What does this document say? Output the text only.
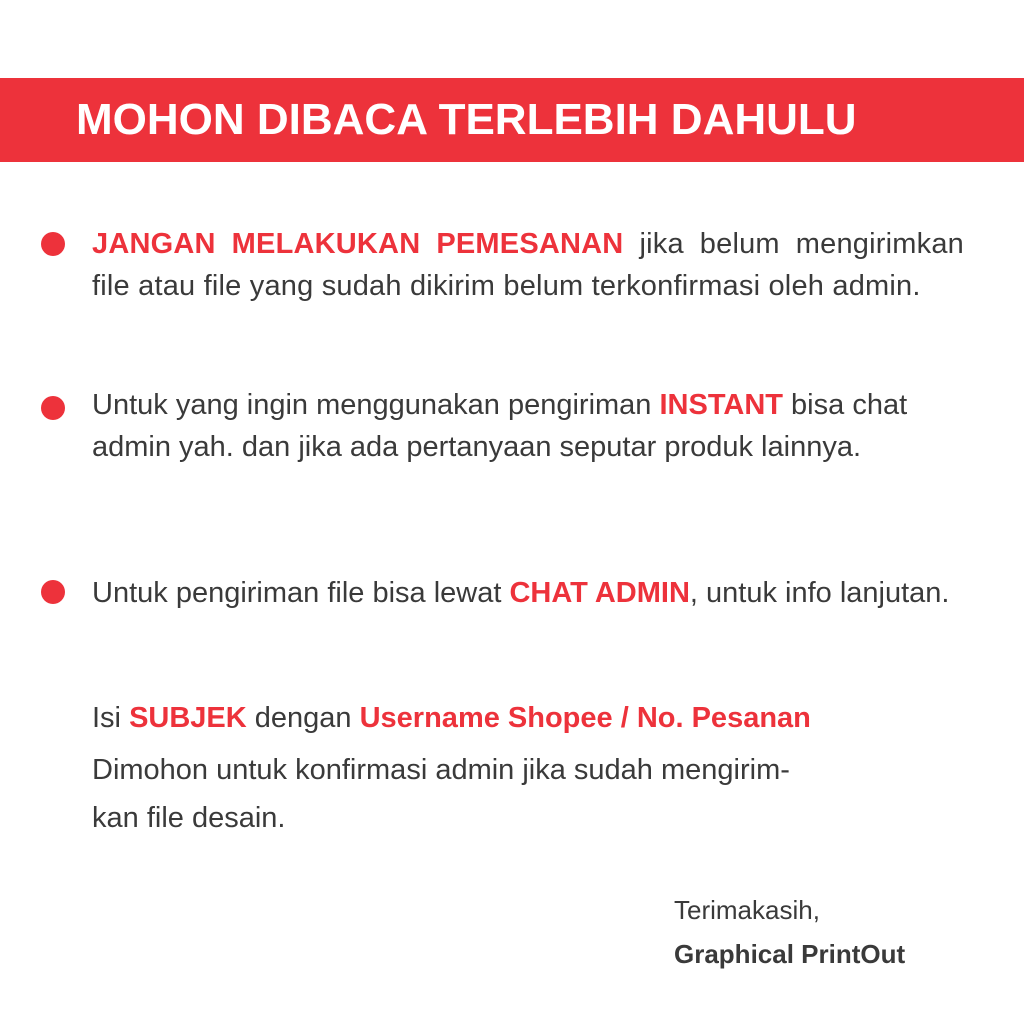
MOHON DIBACA TERLEBIH DAHULU

JANGAN MELAKUKAN PEMESANAN jika belum mengirimkan file atau file yang sudah dikirim belum terkonfirmasi oleh admin.

Untuk yang ingin menggunakan pengiriman INSTANT bisa chat admin yah. dan jika ada pertanyaan seputar produk lainnya.

Untuk pengiriman file bisa lewat CHAT ADMIN, untuk info lanjutan.

Isi SUBJEK dengan Username Shopee / No. Pesanan

Dimohon untuk konfirmasi admin jika sudah mengirim-

kan file desain.

Terimakasih,

Graphical PrintOut
